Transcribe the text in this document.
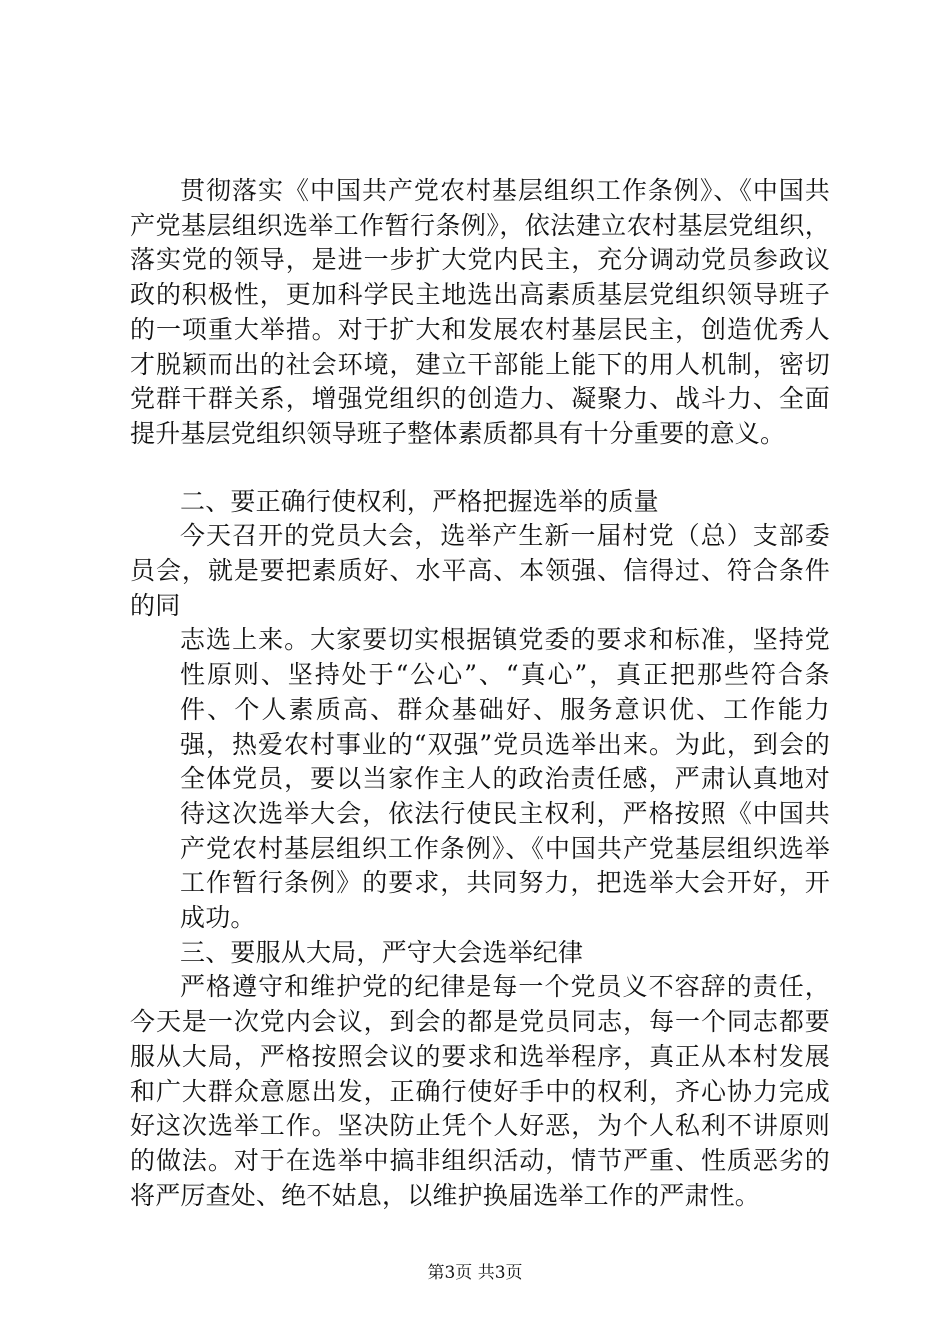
贯彻落实《中国共产党农村基层组织工作条例》、《中国共产党基层组织选举工作暂行条例》，依法建立农村基层党组织，落实党的领导，是进一步扩大党内民主，充分调动党员参政议政的积极性，更加科学民主地选出高素质基层党组织领导班子的一项重大举措。对于扩大和发展农村基层民主，创造优秀人才脱颖而出的社会环境，建立干部能上能下的用人机制，密切党群干群关系，增强党组织的创造力、凝聚力、战斗力、全面提升基层党组织领导班子整体素质都具有十分重要的意义。

二、要正确行使权利，严格把握选举的质量

今天召开的党员大会，选举产生新一届村党（总）支部委员会，就是要把素质好、水平高、本领强、信得过、符合条件的同

志选上来。大家要切实根据镇党委的要求和标准，坚持党性原则、坚持处于“公心”、“真心”，真正把那些符合条件、个人素质高、群众基础好、服务意识优、工作能力强，热爱农村事业的“双强”党员选举出来。为此，到会的全体党员，要以当家作主人的政治责任感，严肃认真地对待这次选举大会，依法行使民主权利，严格按照《中国共产党农村基层组织工作条例》、《中国共产党基层组织选举工作暂行条例》的要求，共同努力，把选举大会开好，开成功。

三、要服从大局，严守大会选举纪律

严格遵守和维护党的纪律是每一个党员义不容辞的责任，今天是一次党内会议，到会的都是党员同志，每一个同志都要服从大局，严格按照会议的要求和选举程序，真正从本村发展和广大群众意愿出发，正确行使好手中的权利，齐心协力完成好这次选举工作。坚决防止凭个人好恶，为个人私利不讲原则的做法。对于在选举中搞非组织活动，情节严重、性质恶劣的将严厉查处、绝不姑息，以维护换届选举工作的严肃性。

第3页 共3页
